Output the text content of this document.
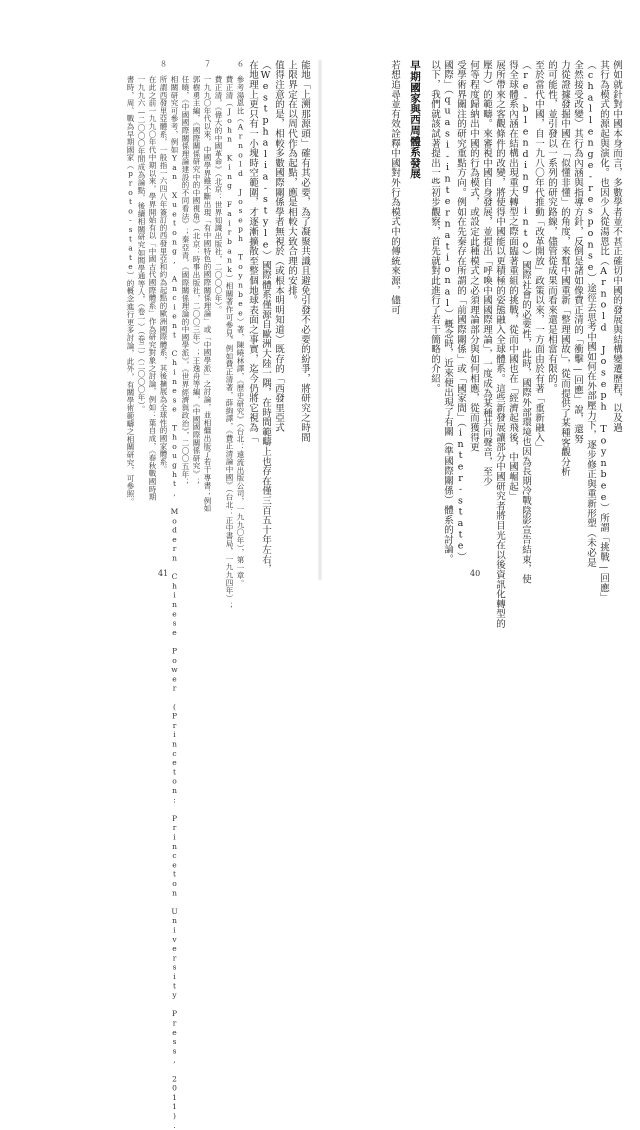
能地「上溯那源頭」確有其必要，為了凝聚共識且避免引發不必要的紛爭，將研究之時間
上限界定在以周代作為起點，應是相較大致合理的安排。
值得注意的是，相較多數國際關係學者無視於（或根本明明知道）既存的「西發里亞式
（Westphalia-style）國際體系僅源自歐洲大陸一隅，在時間範疇上也存在僅三百五十年左右，
在地理上更只有一小塊時空範圍，才逐漸擴散至整個地球表面之事實，迄今仍將它視為「
６　參考湯恩比（Arnold Joseph Toynbee）著，陳曉林譯，《歷史研究》（台北：遠流出版公司，一九九〇年），第一章。
　　費正清（John King Fairbank）相關著作可參見，例如費正清著，薛絢譯，《費正清論中國》（台北：正中書局，一九九四年）；
　　費正清，《偉大的中國革命》（北京：世界知識出版社，二〇〇〇年）。
７　一九九〇年代以來，中國學界雖不斷出現「有中國特色的國際關係理論」或「中國學派」之討論，並相繼出版了若干專書；例如
　　郭樹勇主編，《國際關係研究中的中國視角》（北京：時事出版社，二〇〇三年）；王逸舟等編，《中國國際關係研究》；
　　任曉，《中國國際關係理論建設的不同看法》；秦亞青，《國際關係理論的中國學派》，《世界經濟與政治》，二〇〇五年；
　　相關研究可參考，例如Yan Xuetong, Ancient Chinese Thought, Modern Chinese Power (Princeton: Princeton University Press, 2011).
８　所謂西發里亞體系，一般指一六四八年簽訂的西發里亞和約為起點的歐洲國際體系，其後擴展為全球性的國家體系。
　　在此之前一九九〇年代中期以來，學界開始有以「中國古代國際體系」作為研究對象之討論，例如：葉自成，《春秋戰國時期
　　一九九六—二〇〇〇年間成為論點，後續相關研究如閻學通等人，（卷一）（卷二）（二〇〇〇年）。
　　書時，周、戰為早期國家（proto-state）的概念進行更多討論，此外，有關學術範疇之相關研究，可參照。
41
例如就針對中國本身而言，多數學者並不甚正確切中國的發展與結構變遷歷程，以及過
其行為模式的源起與演化。也因少人從湯恩比（Arnold Joseph Toynbee）所謂「挑戰—回應」
（challenge-response）途徑去思考中國如何在外部壓力下，逐步修正與重新形塑（未必是
全然接受改變）其行為內涵與指導方針，反倒是諸如像費正清的「衝擊—回應」說，還努
力從證據發掘中國在「似懂非懂」的角度，來幫中國重新「整理國故」，從而提供了某種客觀分析
的可能性，並引發以一系列的研究路線，儘管從成果而看來還是相當有限的。
至於當代中國，自一九八〇年代推動「改革開放」政策以來，一方面由於有著「重新融入」
（re-blending into）國際社會的必要性，此時，國際外部環境也因為長期冷戰陰影宣告結束，使
得全球體系內涵在結構出現重大轉型之際面臨著重組的挑戰，從而中國也在「經濟起飛後，中國崛起」
展所帶來之客觀條件的改變，將使得中國能以更積極的姿態融入全球體系。這些新發展讓部分中國研究者將目光在以後資訊化轉型的
壓力）的範疇。來審視中國自身發展，並提出「呼喚中國國際理論」，一度成為某種共同聲音，至少
何等程度歸納出中國的行為模式，或設定此種模式之必須理論部分與如何相應，從而獲得更
受學術界關注的研究重點方向。例如在先秦存在所謂的「前國際關係」或「國家間」（inter-state）
國際」（quasi-international）概念時，近來便出現了有關（準國際關係）體系的討論。
以下，我們就該試著提出一些初步觀察，首先就對此進行了若干簡略的介紹。
早期國家與西周體系發展
若想追尋並有效詮釋中國對外行為模式中的傳統來源，儘可
40
